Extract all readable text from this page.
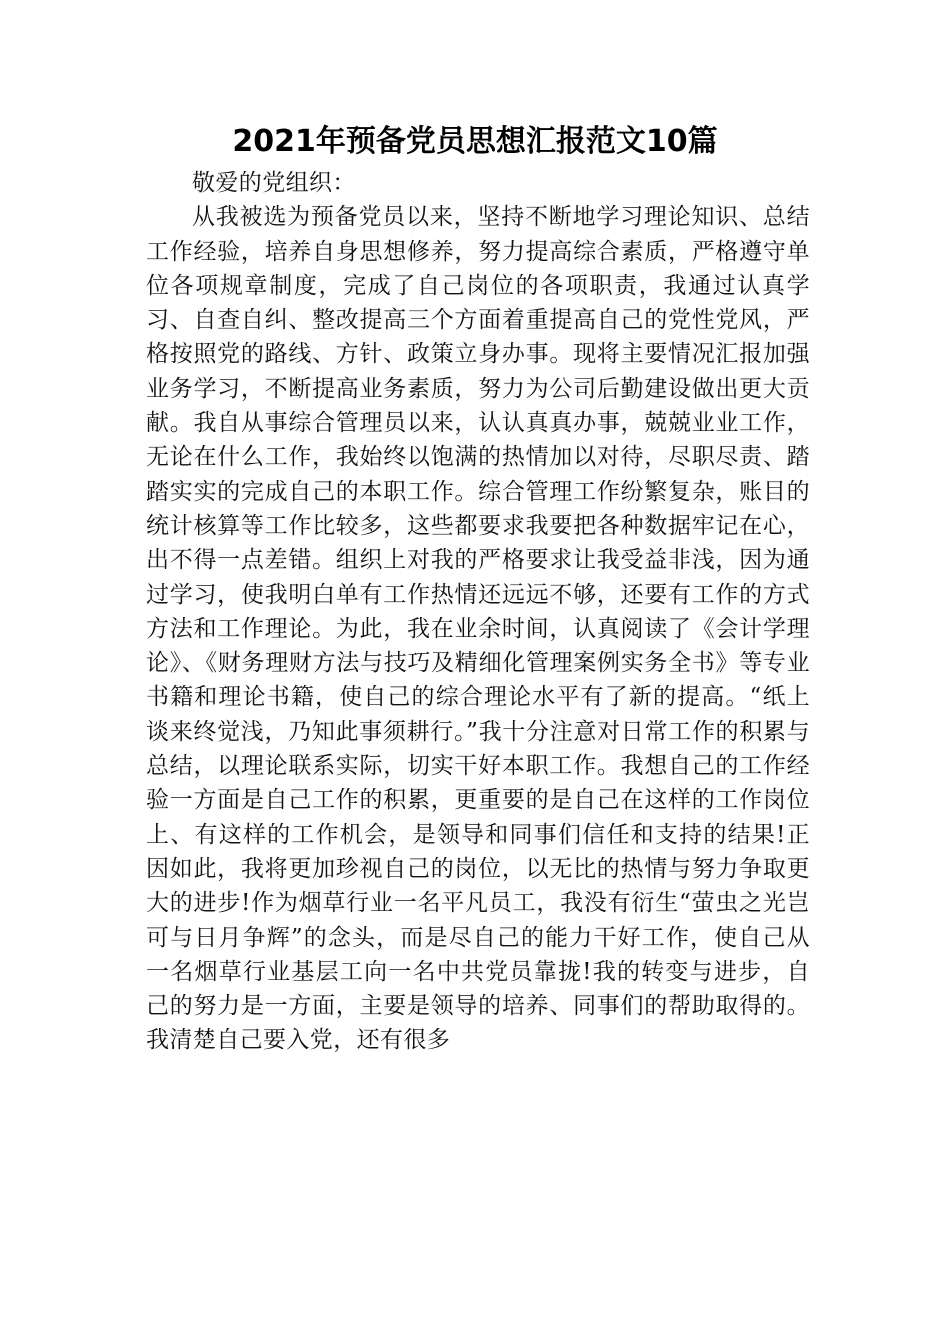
2021年预备党员思想汇报范文10篇

敬爱的党组织：

从我被选为预备党员以来，坚持不断地学习理论知识、总结工作经验，培养自身思想修养，努力提高综合素质，严格遵守单位各项规章制度，完成了自己岗位的各项职责，我通过认真学习、自查自纠、整改提高三个方面着重提高自己的党性党风，严格按照党的路线、方针、政策立身办事。现将主要情况汇报加强业务学习，不断提高业务素质，努力为公司后勤建设做出更大贡献。我自从事综合管理员以来，认认真真办事，兢兢业业工作，无论在什么工作，我始终以饱满的热情加以对待，尽职尽责、踏踏实实的完成自己的本职工作。综合管理工作纷繁复杂，账目的统计核算等工作比较多，这些都要求我要把各种数据牢记在心，出不得一点差错。组织上对我的严格要求让我受益非浅，因为通过学习，使我明白单有工作热情还远远不够，还要有工作的方式方法和工作理论。为此，我在业余时间，认真阅读了《会计学理论》、《财务理财方法与技巧及精细化管理案例实务全书》等专业书籍和理论书籍，使自己的综合理论水平有了新的提高。“纸上谈来终觉浅，乃知此事须耕行。”我十分注意对日常工作的积累与总结，以理论联系实际，切实干好本职工作。我想自己的工作经验一方面是自己工作的积累，更重要的是自己在这样的工作岗位上、有这样的工作机会，是领导和同事们信任和支持的结果!正因如此，我将更加珍视自己的岗位，以无比的热情与努力争取更大的进步!作为烟草行业一名平凡员工，我没有衍生“萤虫之光岂可与日月争辉”的念头，而是尽自己的能力干好工作，使自己从一名烟草行业基层工向一名中共党员靠拢!我的转变与进步，自己的努力是一方面，主要是领导的培养、同事们的帮助取得的。我清楚自己要入党，还有很多
